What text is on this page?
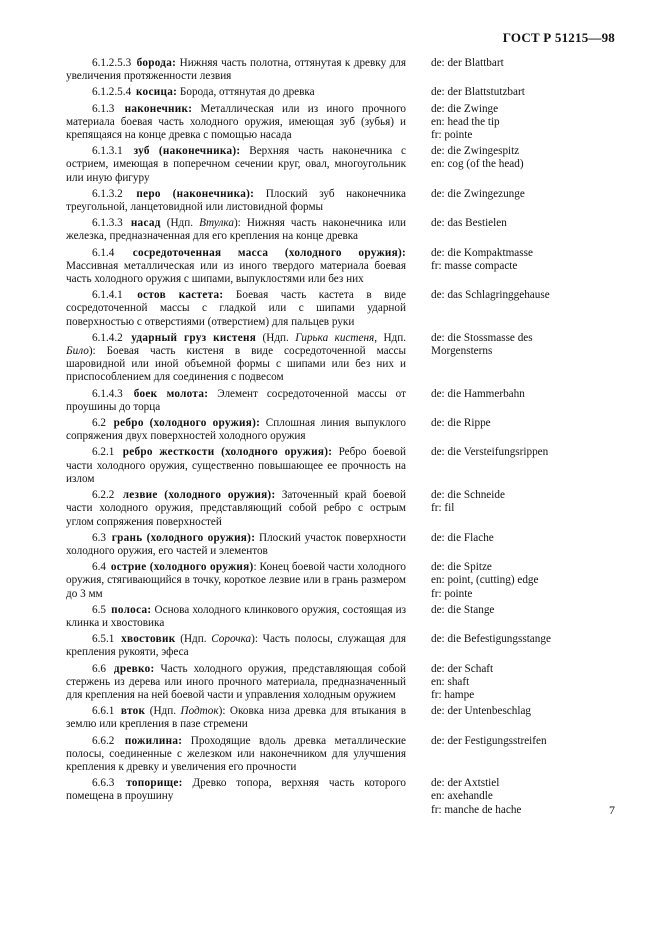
ГОСТ Р 51215—98
6.1.2.5.3 борода: Нижняя часть полотна, оттянутая к древку для увеличения протяженности лезвия
de: der Blattbart
6.1.2.5.4 косица: Борода, оттянутая до древка	de: der Blattstutzbart
6.1.3 наконечник: Металлическая или из иного прочного материала боевая часть холодного оружия, имеющая зуб (зубья) и крепящаяся на конце древка с помощью насада
de: die Zwinge
en: head the tip
fr: pointe
6.1.3.1 зуб (наконечника): Верхняя часть наконечника с острием, имеющая в поперечном сечении круг, овал, многоугольник или иную фигуру
de: die Zwingespitz
en: cog (of the head)
6.1.3.2 перо (наконечника): Плоский зуб наконечника треугольной, ланцетовидной или листовидной формы
de: die Zwingezunge
6.1.3.3 насад (Ндп. Втулка): Нижняя часть наконечника или железка, предназначенная для его крепления на конце древка
de: das Bestielen
6.1.4 сосредоточенная масса (холодного оружия): Массивная металлическая или из иного твердого материала боевая часть холодного оружия с шипами, выпуклостями или без них
de: die Kompaktmasse
fr: masse compacte
6.1.4.1 остов кастета: Боевая часть кастета в виде сосредоточенной массы с гладкой или с шипами ударной поверхностью с отверстиями (отверстием) для пальцев руки
de: das Schlagringgehause
6.1.4.2 ударный груз кистеня (Ндп. Гирька кистеня, Ндп. Било): Боевая часть кистеня в виде сосредоточенной массы шаровидной или иной объемной формы с шипами или без них и приспособлением для соединения с подвесом
de: die Stossmasse des
Morgensterns
6.1.4.3 боек молота: Элемент сосредоточенной массы от проушины до торца
de: die Hammerbahn
6.2 ребро (холодного оружия): Сплошная линия выпуклого сопряжения двух поверхностей холодного оружия
de: die Rippe
6.2.1 ребро жесткости (холодного оружия): Ребро боевой части холодного оружия, существенно повышающее ее прочность на излом
de: die Versteifungsrippen
6.2.2 лезвие (холодного оружия): Заточенный край боевой части холодного оружия, представляющий собой ребро с острым углом сопряжения поверхностей
de: die Schneide
fr: fil
6.3 грань (холодного оружия): Плоский участок поверхности холодного оружия, его частей и элементов
de: die Flache
6.4 острие (холодного оружия): Конец боевой части холодного оружия, стягивающийся в точку, короткое лезвие или в грань размером до 3 мм
de: die Spitze
en: point, (cutting) edge
fr: pointe
6.5 полоса: Основа холодного клинкового оружия, состоящая из клинка и хвостовика
de: die Stange
6.5.1 хвостовик (Ндп. Сорочка): Часть полосы, служащая для крепления рукояти, эфеса
de: die Befestigungsstange
6.6 древко: Часть холодного оружия, представляющая собой стержень из дерева или иного прочного материала, предназначенный для крепления на ней боевой части и управления холодным оружием
de: der Schaft
en: shaft
fr: hampe
6.6.1 вток (Ндп. Подток): Оковка низа древка для втыкания в землю или крепления в пазе стремени
de: der Untenbeschlag
6.6.2 пожилина: Проходящие вдоль древка металлические полосы, соединенные с железком или наконечником для улучшения крепления к древку и увеличения его прочности
de: der Festigungsstreifen
6.6.3 топорище: Древко топора, верхняя часть которого помещена в проушину
de: der Axtstiel
en: axehandle
fr: manche de hache	7
